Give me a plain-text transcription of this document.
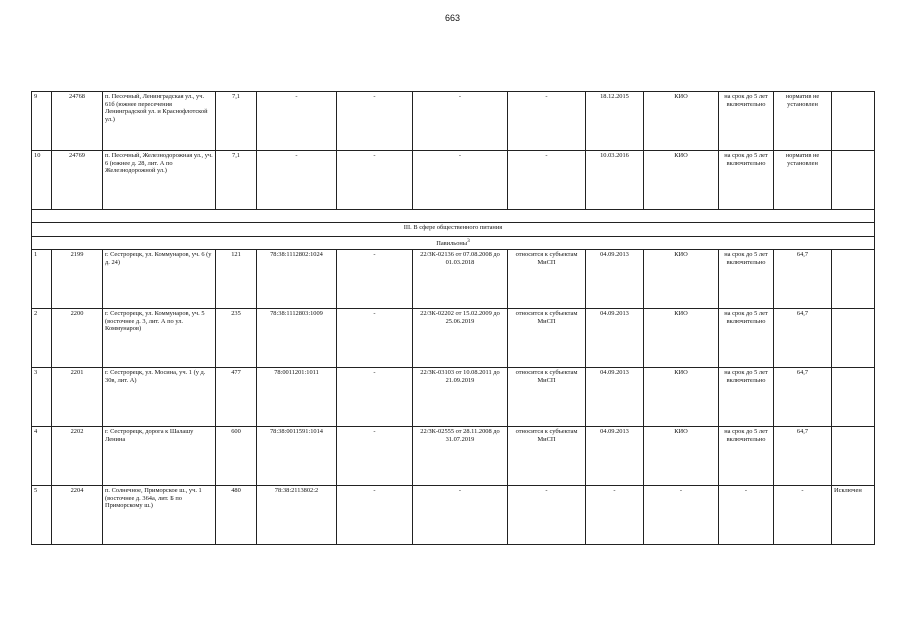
663
9	24768	п. Песочный, Ленинградская ул., уч. 61б (южнее пересечения Ленинградской ул. и Краснофлотской ул.)	7,1	-	-	-	-	18.12.2015	КИО	на срок до 5 лет включительно	норматив не установлен	
10	24769	п. Песочный, Железнодорожная ул., уч. 6 (южнее д. 28, лит. А по Железнодорожной ул.)	7,1	-	-	-	-	10.03.2016	КИО	на срок до 5 лет включительно	норматив не установлен	

III. В сфере общественного питания												
Павильоны$^3$
1	2199	г. Сестрорецк, ул. Коммунаров, уч. 6 (у д. 24)	121	78:38:1112802:1024	-	22/ЗК-02136 от 07.08.2008 до 01.03.2018	относится к субъектам МиСП	04.09.2013	КИО	на срок до 5 лет включительно	64,7	
2	2200	г. Сестрорецк, ул. Коммунаров, уч. 5 (восточнее д. 3, лит. А по ул. Коммунаров)	235	78:38:1112803:1009	-	22/ЗК-02202 от 15.02.2009 до 25.06.2019	относится к субъектам МиСП	04.09.2013	КИО	на срок до 5 лет включительно	64,7	
3	2201	г. Сестрорецк, ул. Мосина, уч. 1 (у д. 30в, лит. А)	477	78:0011201:1011	-	22/ЗК-03103 от 10.08.2011 до 21.09.2019	относится к субъектам МиСП	04.09.2013	КИО	на срок до 5 лет включительно	64,7	
4	2202	г. Сестрорецк, дорога к Шалашу Ленина	600	78:38:0011591:1014	-	22/ЗК-02555 от 28.11.2008 до 31.07.2019	относится к субъектам МиСП	04.09.2013	КИО	на срок до 5 лет включительно	64,7	
5	2204	п. Солнечное, Приморское ш., уч. 1 (восточнее д. 364а, лит. Б по Приморскому ш.)	480	78:38:2113802:2	-	-	-	-	-	-	-	Исключен
